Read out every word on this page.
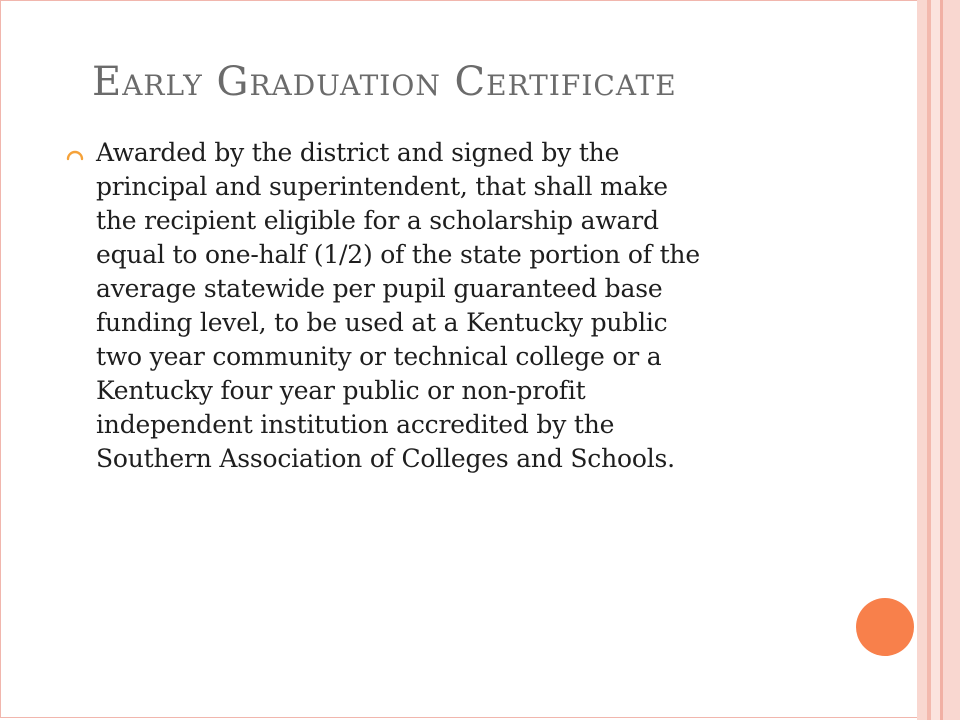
Early Graduation Certificate

Awarded by the district and signed by the
principal and superintendent, that shall make
the recipient eligible for a scholarship award
equal to one-half (1/2) of the state portion of the
average statewide per pupil guaranteed base
funding level, to be used at a Kentucky public
two year community or technical college or a
Kentucky four year public or non-profit
independent institution accredited by the
Southern Association of Colleges and Schools.
